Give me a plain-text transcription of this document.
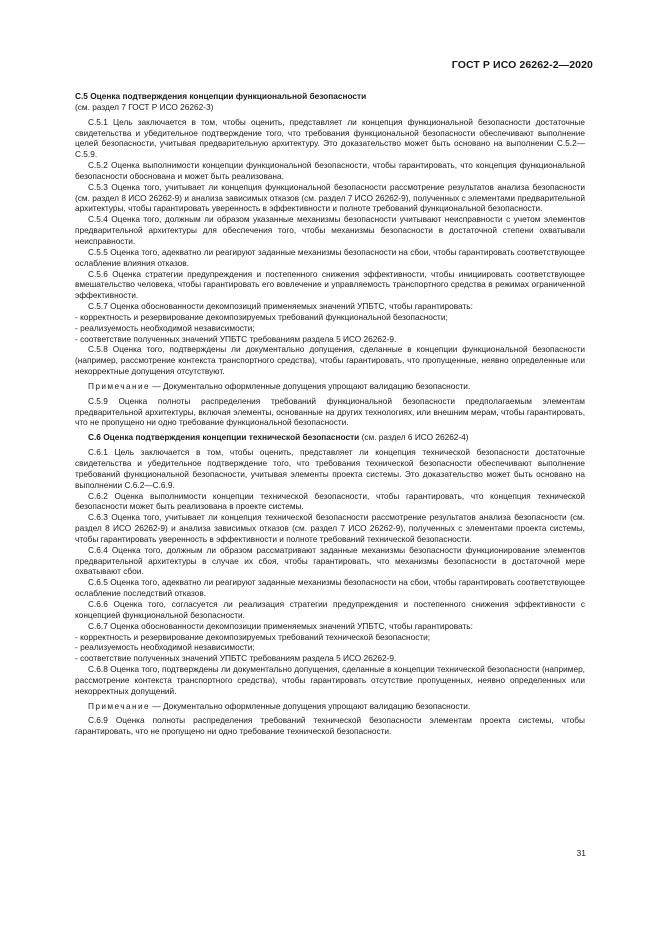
ГОСТ Р ИСО 26262-2—2020

C.5 Оценка подтверждения концепции функциональной безопасности

(см. раздел 7 ГОСТ Р ИСО 26262-3)

C.5.1 Цель заключается в том, чтобы оценить, представляет ли концепция функциональной безопасности достаточные свидетельства и убедительное подтверждение того, что требования функциональной безопасности обеспечивают выполнение целей безопасности, учитывая предварительную архитектуру. Это доказательство может быть основано на выполнении С.5.2—С.5.9.

C.5.2 Оценка выполнимости концепции функциональной безопасности, чтобы гарантировать, что концепция функциональной безопасности обоснована и может быть реализована.

C.5.3 Оценка того, учитывает ли концепция функциональной безопасности рассмотрение результатов анализа безопасности (см. раздел 8 ИСО 26262-9) и анализа зависимых отказов (см. раздел 7 ИСО 26262-9), полученных с элементами предварительной архитектуры, чтобы гарантировать уверенность в эффективности и полноте требований функциональной безопасности.

C.5.4 Оценка того, должным ли образом указанные механизмы безопасности учитывают неисправности с учетом элементов предварительной архитектуры для обеспечения того, чтобы механизмы безопасности в достаточной степени охватывали неисправности.

C.5.5 Оценка того, адекватно ли реагируют заданные механизмы безопасности на сбои, чтобы гарантировать соответствующее ослабление влияния отказов.

C.5.6 Оценка стратегии предупреждения и постепенного снижения эффективности, чтобы инициировать соответствующее вмешательство человека, чтобы гарантировать его вовлечение и управляемость транспортного средства в режимах ограниченной эффективности.

C.5.7 Оценка обоснованности декомпозиций применяемых значений УПБТС, чтобы гарантировать:

- корректность и резервирование декомпозируемых требований функциональной безопасности;

- реализуемость необходимой независимости;

- соответствие полученных значений УПБТС требованиям раздела 5 ИСО 26262-9.

C.5.8 Оценка того, подтверждены ли документально допущения, сделанные в концепции функциональной безопасности (например, рассмотрение контекста транспортного средства), чтобы гарантировать, что пропущенные, неявно определенные или некорректные допущения отсутствуют.

Примечание — Документально оформленные допущения упрощают валидацию безопасности.

C.5.9 Оценка полноты распределения требований функциональной безопасности предполагаемым элементам предварительной архитектуры, включая элементы, основанные на других технологиях, или внешним мерам, чтобы гарантировать, что не пропущено ни одно требование функциональной безопасности.

C.6 Оценка подтверждения концепции технической безопасности (см. раздел 6 ИСО 26262-4)

C.6.1 Цель заключается в том, чтобы оценить, представляет ли концепция технической безопасности достаточные свидетельства и убедительное подтверждение того, что требования технической безопасности обеспечивают выполнение требований функциональной безопасности, учитывая элементы проекта системы. Это доказательство может быть основано на выполнении С.6.2—С.6.9.

C.6.2 Оценка выполнимости концепции технической безопасности, чтобы гарантировать, что концепция технической безопасности может быть реализована в проекте системы.

C.6.3 Оценка того, учитывает ли концепция технической безопасности рассмотрение результатов анализа безопасности (см. раздел 8 ИСО 26262-9) и анализа зависимых отказов (см. раздел 7 ИСО 26262-9), полученных с элементами проекта системы, чтобы гарантировать уверенность в эффективности и полноте требований технической безопасности.

C.6.4 Оценка того, должным ли образом рассматривают заданные механизмы безопасности функционирование элементов предварительной архитектуры в случае их сбоя, чтобы гарантировать, что механизмы безопасности в достаточной мере охватывают сбои.

C.6.5 Оценка того, адекватно ли реагируют заданные механизмы безопасности на сбои, чтобы гарантировать соответствующее ослабление последствий отказов.

C.6.6 Оценка того, согласуется ли реализация стратегии предупреждения и постепенного снижения эффективности с концепцией функциональной безопасности.

C.6.7 Оценка обоснованности декомпозиции применяемых значений УПБТС, чтобы гарантировать:

- корректность и резервирование декомпозируемых требований технической безопасности;

- реализуемость необходимой независимости;

- соответствие полученных значений УПБТС требованиям раздела 5 ИСО 26262-9.

C.6.8 Оценка того, подтверждены ли документально допущения, сделанные в концепции технической безопасности (например, рассмотрение контекста транспортного средства), чтобы гарантировать отсутствие пропущенных, неявно определенных или некорректных допущений.

Примечание — Документально оформленные допущения упрощают валидацию безопасности.

C.6.9 Оценка полноты распределения требований технической безопасности элементам проекта системы, чтобы гарантировать, что не пропущено ни одно требование технической безопасности.

31
